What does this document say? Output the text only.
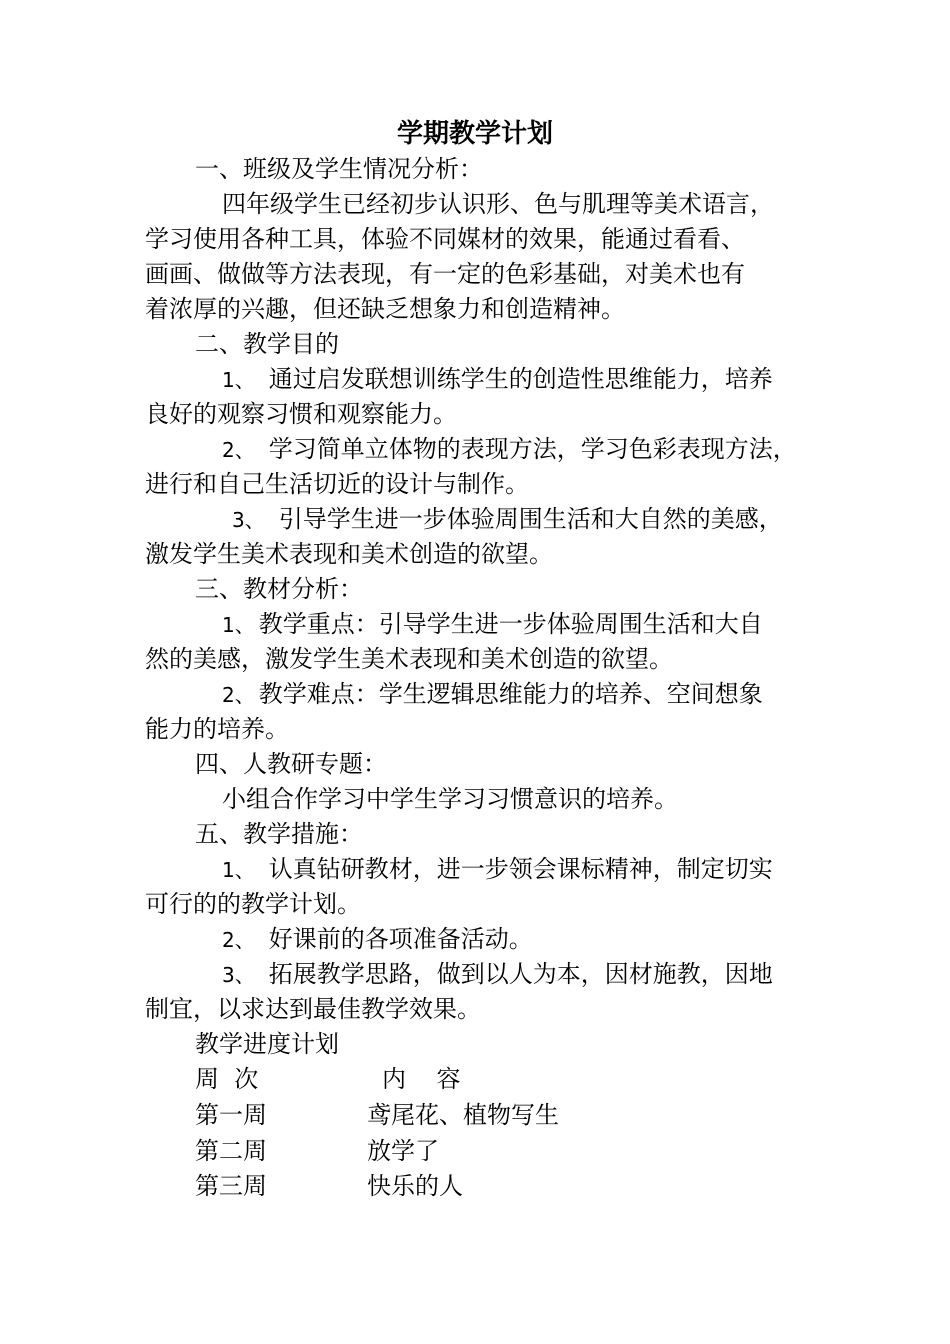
学期教学计划
一、班级及学生情况分析：
四年级学生已经初步认识形、色与肌理等美术语言，
学习使用各种工具，体验不同媒材的效果，能通过看看、
画画、做做等方法表现，有一定的色彩基础，对美术也有
着浓厚的兴趣，但还缺乏想象力和创造精神。
二、教学目的
1、 通过启发联想训练学生的创造性思维能力，培养
良好的观察习惯和观察能力。
2、 学习简单立体物的表现方法，学习色彩表现方法，
进行和自己生活切近的设计与制作。
3、 引导学生进一步体验周围生活和大自然的美感，
激发学生美术表现和美术创造的欲望。
三、教材分析：
1、 教学重点：引导学生进一步体验周围生活和大自
然的美感，激发学生美术表现和美术创造的欲望。
2、 教学难点：学生逻辑思维能力的培养、空间想象
能力的培养。
四、人教研专题：
小组合作学习中学生学习习惯意识的培养。
五、教学措施：
1、 认真钻研教材，进一步领会课标精神，制定切实
可行的的教学计划。
2、 好课前的各项准备活动。
3、 拓展教学思路，做到以人为本，因材施教，因地
制宜，以求达到最佳教学效果。
教学进度计划
周  次	内    容
第一周	鸢尾花、植物写生
第二周	放学了
第三周	快乐的人
